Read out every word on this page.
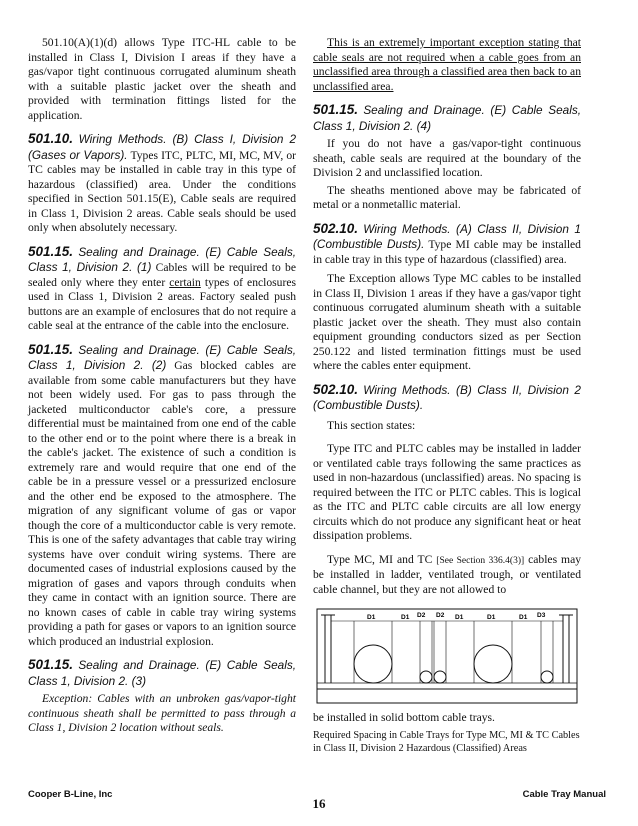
501.10(A)(1)(d) allows Type ITC-HL cable to be installed in Class I, Division I areas if they have a gas/vapor tight continuous corrugated aluminum sheath with a suitable plastic jacket over the sheath and provided with termination fittings listed for the application.

501.10. Wiring Methods. (B) Class I, Division 2 (Gases or Vapors). Types ITC, PLTC, MI, MC, MV, or TC cables may be installed in cable tray in this type of hazardous (classified) area. Under the conditions specified in Section 501.15(E), Cable seals are required in Class 1, Division 2 areas. Cable seals should be used only when absolutely necessary.

501.15. Sealing and Drainage. (E) Cable Seals, Class 1, Division 2. (1) Cables will be required to be sealed only where they enter certain types of enclosures used in Class 1, Division 2 areas. Factory sealed push buttons are an example of enclosures that do not require a cable seal at the entrance of the cable into the enclosure.

501.15. Sealing and Drainage. (E) Cable Seals, Class 1, Division 2. (2) Gas blocked cables are available from some cable manufacturers but they have not been widely used. For gas to pass through the jacketed multiconductor cable's core, a pressure differential must be maintained from one end of the cable to the other end or to the point where there is a break in the cable's jacket. The existence of such a condition is extremely rare and would require that one end of the cable be in a pressure vessel or a pressurized enclosure and the other end be exposed to the atmosphere. The migration of any significant volume of gas or vapor though the core of a multiconductor cable is very remote. This is one of the safety advantages that cable tray wiring systems have over conduit wiring systems. There are documented cases of industrial explosions caused by the migration of gases and vapors through conduits when they came in contact with an ignition source. There are no known cases of cable in cable tray wiring systems providing a path for gases or vapors to an ignition source which produced an industrial explosion.

501.15. Sealing and Drainage. (E) Cable Seals, Class 1, Division 2. (3)

Exception: Cables with an unbroken gas/vapor-tight continuous sheath shall be permitted to pass through a Class 1, Division 2 location without seals.

This is an extremely important exception stating that cable seals are not required when a cable goes from an unclassified area through a classified area then back to an unclassified area.

501.15. Sealing and Drainage. (E) Cable Seals, Class 1, Division 2. (4)

If you do not have a gas/vapor-tight continuous sheath, cable seals are required at the boundary of the Division 2 and unclassified location.

The sheaths mentioned above may be fabricated of metal or a nonmetallic material.

502.10. Wiring Methods. (A) Class II, Division 1 (Combustible Dusts). Type MI cable may be installed in cable tray in this type of hazardous (classified) area.

The Exception allows Type MC cables to be installed in Class II, Division 1 areas if they have a gas/vapor tight continuous corrugated aluminum sheath with a suitable plastic jacket over the sheath. They must also contain equipment grounding conductors sized as per Section 250.122 and listed termination fittings must be used where the cables enter equipment.

502.10. Wiring Methods. (B) Class II, Division 2 (Combustible Dusts).

This section states:

Type ITC and PLTC cables may be installed in ladder or ventilated cable trays following the same practices as used in non-hazardous (unclassified) areas. No spacing is required between the ITC or PLTC cables. This is logical as the ITC and PLTC cable circuits are all low energy circuits which do not produce any significant heat or heat dissipation problems.

Type MC, MI and TC [See Section 336.4(3)] cables may be installed in ladder, ventilated trough, or ventilated cable channel, but they are not allowed to

D1	D1 D2 D2 D1	D1	D1 D3

be installed in solid bottom cable trays.

Required Spacing in Cable Trays for Type MC, MI & TC Cables in Class II, Division 2 Hazardous (Classified) Areas

Cooper B-Line, Inc
16
Cable Tray Manual
